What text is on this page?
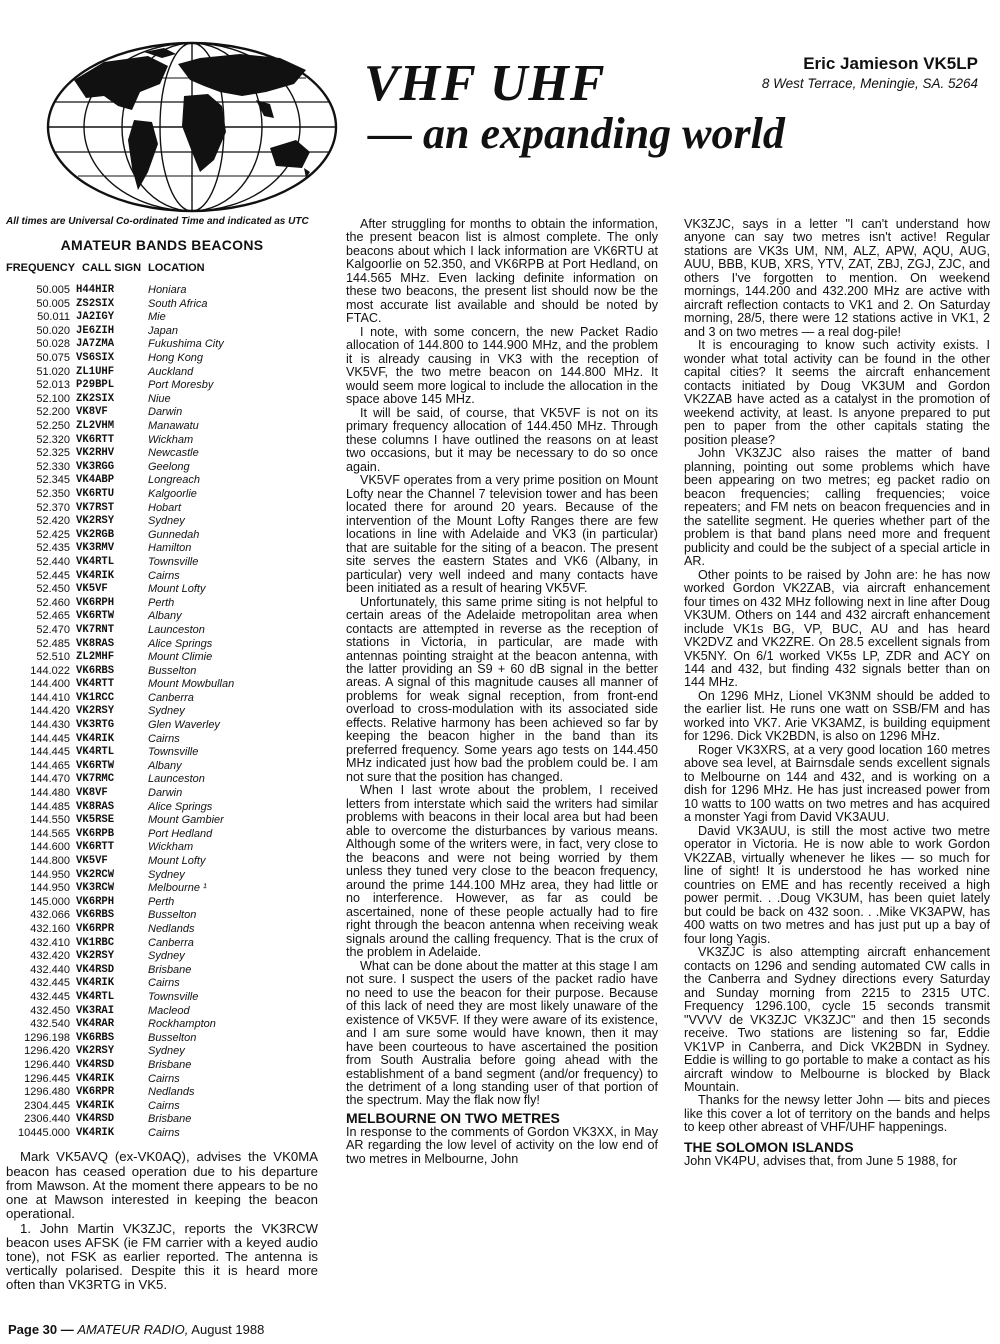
VHF UHF
— an expanding world
Eric Jamieson VK5LP
8 West Terrace, Meningie, SA. 5264
All times are Universal Co-ordinated Time and indicated as UTC
AMATEUR BANDS BEACONS
FREQUENCY	CALL SIGN	LOCATION
50.005	H44HIR	Honiara
50.005	ZS2SIX	South Africa
50.011	JA2IGY	Mie
50.020	JE6ZIH	Japan
50.028	JA7ZMA	Fukushima City
50.075	VS6SIX	Hong Kong
51.020	ZL1UHF	Auckland
52.013	P29BPL	Port Moresby
52.100	ZK2SIX	Niue
52.200	VK8VF	Darwin
52.250	ZL2VHM	Manawatu
52.320	VK6RTT	Wickham
52.325	VK2RHV	Newcastle
52.330	VK3RGG	Geelong
52.345	VK4ABP	Longreach
52.350	VK6RTU	Kalgoorlie
52.370	VK7RST	Hobart
52.420	VK2RSY	Sydney
52.425	VK2RGB	Gunnedah
52.435	VK3RMV	Hamilton
52.440	VK4RTL	Townsville
52.445	VK4RIK	Cairns
52.450	VK5VF	Mount Lofty
52.460	VK6RPH	Perth
52.465	VK6RTW	Albany
52.470	VK7RNT	Launceston
52.485	VK8RAS	Alice Springs
52.510	ZL2MHF	Mount Climie
144.022	VK6RBS	Busselton
144.400	VK4RTT	Mount Mowbullan
144.410	VK1RCC	Canberra
144.420	VK2RSY	Sydney
144.430	VK3RTG	Glen Waverley
144.445	VK4RIK	Cairns
144.445	VK4RTL	Townsville
144.465	VK6RTW	Albany
144.470	VK7RMC	Launceston
144.480	VK8VF	Darwin
144.485	VK8RAS	Alice Springs
144.550	VK5RSE	Mount Gambier
144.565	VK6RPB	Port Hedland
144.600	VK6RTT	Wickham
144.800	VK5VF	Mount Lofty
144.950	VK2RCW	Sydney
144.950	VK3RCW	Melbourne ¹
145.000	VK6RPH	Perth
432.066	VK6RBS	Busselton
432.160	VK6RPR	Nedlands
432.410	VK1RBC	Canberra
432.420	VK2RSY	Sydney
432.440	VK4RSD	Brisbane
432.445	VK4RIK	Cairns
432.445	VK4RTL	Townsville
432.450	VK3RAI	Macleod
432.540	VK4RAR	Rockhampton
1296.198	VK6RBS	Busselton
1296.420	VK2RSY	Sydney
1296.440	VK4RSD	Brisbane
1296.445	VK4RIK	Cairns
1296.480	VK6RPR	Nedlands
2304.445	VK4RIK	Cairns
2306.440	VK4RSD	Brisbane
10445.000	VK4RIK	Cairns

Mark VK5AVQ (ex-VK0AQ), advises the VK0MA beacon has ceased operation due to his departure from Mawson. At the moment there appears to be no one at Mawson interested in keeping the beacon operational.

1. John Martin VK3ZJC, reports the VK3RCW beacon uses AFSK (ie FM carrier with a keyed audio tone), not FSK as earlier reported. The antenna is vertically polarised. Despite this it is heard more often than VK3RTG in VK5.

After struggling for months to obtain the information, the present beacon list is almost complete. The only beacons about which I lack information are VK6RTU at Kalgoorlie on 52.350, and VK6RPB at Port Hedland, on 144.565 MHz. Even lacking definite information on these two beacons, the present list should now be the most accurate list available and should be noted by FTAC.

I note, with some concern, the new Packet Radio allocation of 144.800 to 144.900 MHz, and the problem it is already causing in VK3 with the reception of VK5VF, the two metre beacon on 144.800 MHz. It would seem more logical to include the allocation in the space above 145 MHz.

It will be said, of course, that VK5VF is not on its primary frequency allocation of 144.450 MHz. Through these columns I have outlined the reasons on at least two occasions, but it may be necessary to do so once again.

VK5VF operates from a very prime position on Mount Lofty near the Channel 7 television tower and has been located there for around 20 years. Because of the intervention of the Mount Lofty Ranges there are few locations in line with Adelaide and VK3 (in particular) that are suitable for the siting of a beacon. The present site serves the eastern States and VK6 (Albany, in particular) very well indeed and many contacts have been initiated as a result of hearing VK5VF.

Unfortunately, this same prime siting is not helpful to certain areas of the Adelaide metropolitan area when contacts are attempted in reverse as the reception of stations in Victoria, in particular, are made with antennas pointing straight at the beacon antenna, with the latter providing an S9 + 60 dB signal in the better areas. A signal of this magnitude causes all manner of problems for weak signal reception, from front-end overload to cross-modulation with its associated side effects. Relative harmony has been achieved so far by keeping the beacon higher in the band than its preferred frequency. Some years ago tests on 144.450 MHz indicated just how bad the problem could be. I am not sure that the position has changed.

When I last wrote about the problem, I received letters from interstate which said the writers had similar problems with beacons in their local area but had been able to overcome the disturbances by various means. Although some of the writers were, in fact, very close to the beacons and were not being worried by them unless they tuned very close to the beacon frequency, around the prime 144.100 MHz area, they had little or no interference. However, as far as could be ascertained, none of these people actually had to fire right through the beacon antenna when receiving weak signals around the calling frequency. That is the crux of the problem in Adelaide.

What can be done about the matter at this stage I am not sure. I suspect the users of the packet radio have no need to use the beacon for their purpose. Because of this lack of need they are most likely unaware of the existence of VK5VF. If they were aware of its existence, and I am sure some would have known, then it may have been courteous to have ascertained the position from South Australia before going ahead with the establishment of a band segment (and/or frequency) to the detriment of a long standing user of that portion of the spectrum. May the flak now fly!

MELBOURNE ON TWO METRES

In response to the comments of Gordon VK3XX, in May AR regarding the low level of activity on the low end of two metres in Melbourne, John

VK3ZJC, says in a letter "I can't understand how anyone can say two metres isn't active! Regular stations are VK3s UM, NM, ALZ, APW, AQU, AUG, AUU, BBB, KUB, XRS, YTV, ZAT, ZBJ, ZGJ, ZJC, and others I've forgotten to mention. On weekend mornings, 144.200 and 432.200 MHz are active with aircraft reflection contacts to VK1 and 2. On Saturday morning, 28/5, there were 12 stations active in VK1, 2 and 3 on two metres — a real dog-pile!

It is encouraging to know such activity exists. I wonder what total activity can be found in the other capital cities? It seems the aircraft enhancement contacts initiated by Doug VK3UM and Gordon VK2ZAB have acted as a catalyst in the promotion of weekend activity, at least. Is anyone prepared to put pen to paper from the other capitals stating the position please?

John VK3ZJC also raises the matter of band planning, pointing out some problems which have been appearing on two metres; eg packet radio on beacon frequencies; calling frequencies; voice repeaters; and FM nets on beacon frequencies and in the satellite segment. He queries whether part of the problem is that band plans need more and frequent publicity and could be the subject of a special article in AR.

Other points to be raised by John are: he has now worked Gordon VK2ZAB, via aircraft enhancement four times on 432 MHz following next in line after Doug VK3UM. Others on 144 and 432 aircraft enhancement include VK1s BG, VP, BUC, AU and has heard VK2DVZ and VK2ZRE. On 28.5 excellent signals from VK5NY. On 6/1 worked VK5s LP, ZDR and ACY on 144 and 432, but finding 432 signals better than on 144 MHz.

On 1296 MHz, Lionel VK3NM should be added to the earlier list. He runs one watt on SSB/FM and has worked into VK7. Arie VK3AMZ, is building equipment for 1296. Dick VK2BDN, is also on 1296 MHz.

Roger VK3XRS, at a very good location 160 metres above sea level, at Bairnsdale sends excellent signals to Melbourne on 144 and 432, and is working on a dish for 1296 MHz. He has just increased power from 10 watts to 100 watts on two metres and has acquired a monster Yagi from David VK3AUU.

David VK3AUU, is still the most active two metre operator in Victoria. He is now able to work Gordon VK2ZAB, virtually whenever he likes — so much for line of sight! It is understood he has worked nine countries on EME and has recently received a high power permit. . .Doug VK3UM, has been quiet lately but could be back on 432 soon. . .Mike VK3APW, has 400 watts on two metres and has just put up a bay of four long Yagis.

VK3ZJC is also attempting aircraft enhancement contacts on 1296 and sending automated CW calls in the Canberra and Sydney directions every Saturday and Sunday morning from 2215 to 2315 UTC. Frequency 1296.100, cycle 15 seconds transmit "VVVV de VK3ZJC VK3ZJC" and then 15 seconds receive. Two stations are listening so far, Eddie VK1VP in Canberra, and Dick VK2BDN in Sydney. Eddie is willing to go portable to make a contact as his aircraft window to Melbourne is blocked by Black Mountain.

Thanks for the newsy letter John — bits and pieces like this cover a lot of territory on the bands and helps to keep other abreast of VHF/UHF happenings.

THE SOLOMON ISLANDS

John VK4PU, advises that, from June 5 1988, for

Page 30 — AMATEUR RADIO, August 1988
